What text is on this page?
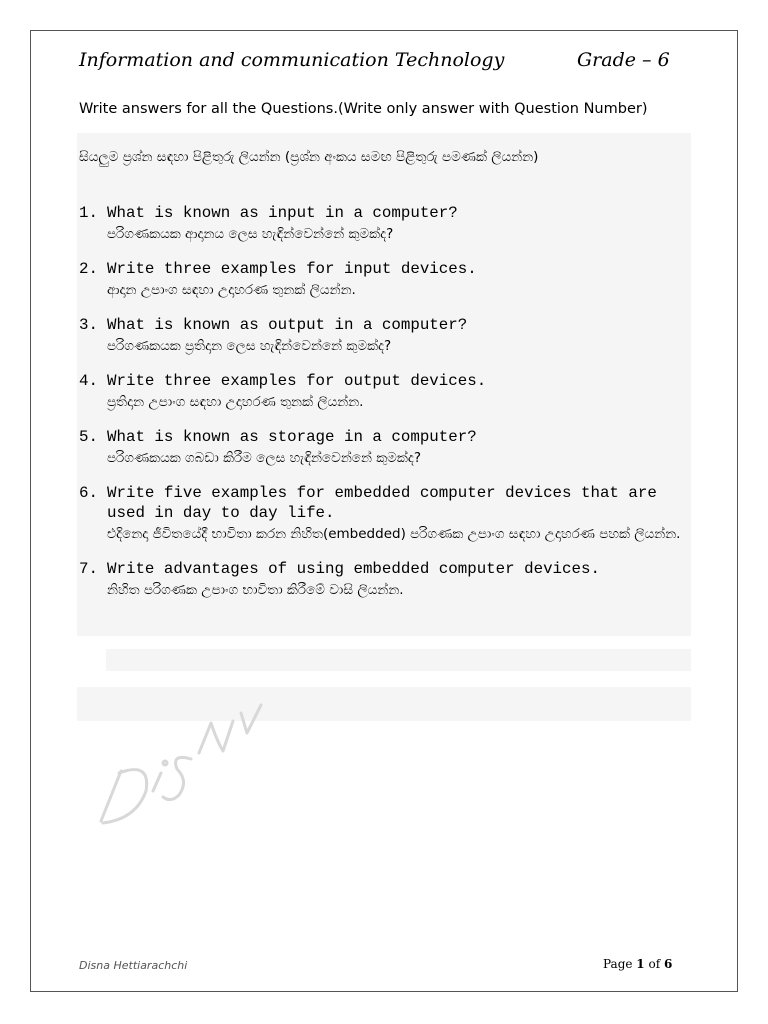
Information and communication Technology	Grade – 6
Write answers for all the Questions.(Write only answer with Question Number)
සියලුම ප්‍රශ්න සඳහා පිළිතුරු ලියන්න (ප්‍රශ්න අංකය සමඟ පිළිතුරු පමණක් ලියන්න)
1. What is known as input in a computer?
පරිගණකයක ආදානය ලෙස හැඳින්වෙන්නේ කුමක්ද?
2. Write three examples for input devices.
ආදාන උපාංග සඳහා උදාහරණ තුනක් ලියන්න.
3. What is known as output in a computer?
පරිගණකයක ප්‍රතිදාන ලෙස හැඳින්වෙන්නේ කුමක්ද?
4. Write three examples for output devices.
ප්‍රතිදාන උපාංග සඳහා උදාහරණ තුනක් ලියන්න.
5. What is known as storage in a computer?
පරිගණකයක ගබඩා කිරීම ලෙස හැඳින්වෙන්නේ කුමක්ද?
6. Write five examples for embedded computer devices that are used in day to day life.
එදිනෙදා ජීවිතයේදී භාවිතා කරන නිහිත(embedded) පරිගණක උපාංග සඳහා උදාහරණ පහක් ලියන්න.
7. Write advantages of using embedded computer devices.
නිහිත පරිගණක උපාංග භාවිතා කිරීමේ වාසි ලියන්න.
Disna Hettiarachchi	Page 1 of 6
